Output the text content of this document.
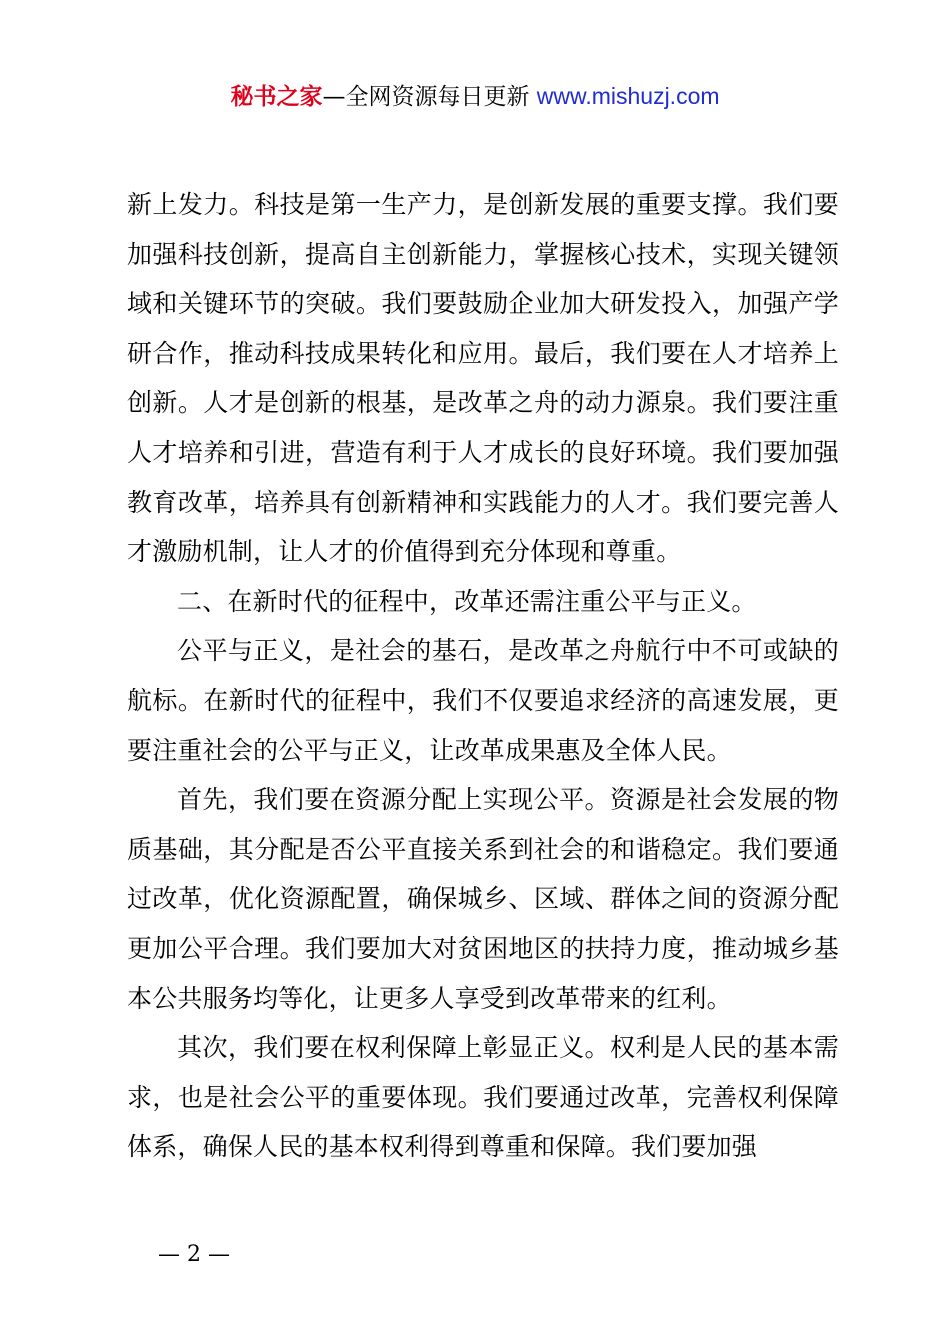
秘书之家—全网资源每日更新 www.mishuzj.com

新上发力。科技是第一生产力，是创新发展的重要支撑。我们要加强科技创新，提高自主创新能力，掌握核心技术，实现关键领域和关键环节的突破。我们要鼓励企业加大研发投入，加强产学研合作，推动科技成果转化和应用。最后，我们要在人才培养上创新。人才是创新的根基，是改革之舟的动力源泉。我们要注重人才培养和引进，营造有利于人才成长的良好环境。我们要加强教育改革，培养具有创新精神和实践能力的人才。我们要完善人才激励机制，让人才的价值得到充分体现和尊重。

二、在新时代的征程中，改革还需注重公平与正义。

公平与正义，是社会的基石，是改革之舟航行中不可或缺的航标。在新时代的征程中，我们不仅要追求经济的高速发展，更要注重社会的公平与正义，让改革成果惠及全体人民。

首先，我们要在资源分配上实现公平。资源是社会发展的物质基础，其分配是否公平直接关系到社会的和谐稳定。我们要通过改革，优化资源配置，确保城乡、区域、群体之间的资源分配更加公平合理。我们要加大对贫困地区的扶持力度，推动城乡基本公共服务均等化，让更多人享受到改革带来的红利。

其次，我们要在权利保障上彰显正义。权利是人民的基本需求，也是社会公平的重要体现。我们要通过改革，完善权利保障体系，确保人民的基本权利得到尊重和保障。我们要加强

— 2 —
